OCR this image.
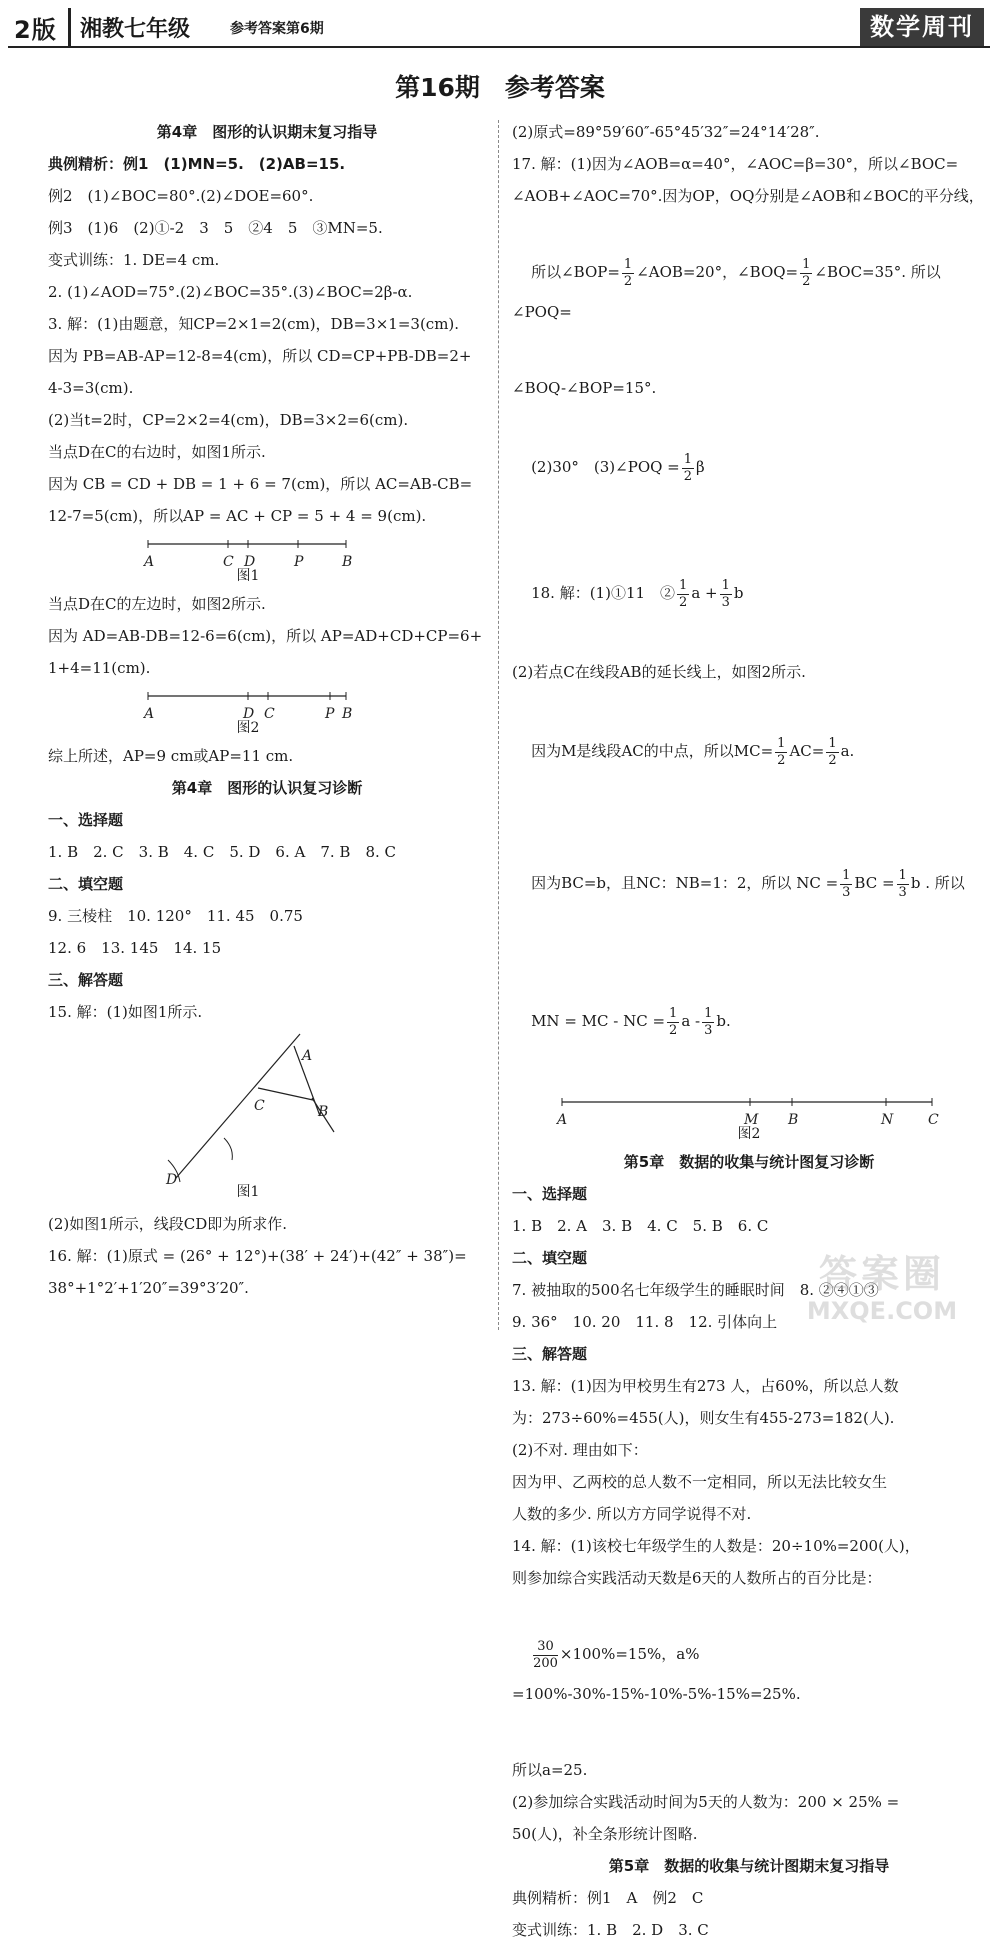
2版 湘教七年级	参考答案第6期	数学周刊
第16期　参考答案

第4章　图形的认识期末复习指导

典例精析：例1　(1)MN=5.　(2)AB=15.

例2　(1)∠BOC=80°.(2)∠DOE=60°.

例3　(1)6　(2)①-2　3　5　②4　5　③MN=5.

变式训练：1. DE=4 cm.

2. (1)∠AOD=75°.(2)∠BOC=35°.(3)∠BOC=2β-α.

3. 解：(1)由题意，知CP=2×1=2(cm)，DB=3×1=3(cm).

因为 PB=AB-AP=12-8=4(cm)，所以 CD=CP+PB-DB=2+

4-3=3(cm).

(2)当t=2时，CP=2×2=4(cm)，DB=3×2=6(cm).

当点D在C的右边时，如图1所示.

因为 CB = CD + DB = 1 + 6 = 7(cm)，所以 AC=AB-CB=

12-7=5(cm)，所以AP = AC + CP = 5 + 4 = 9(cm).

A	C D	P	B
图1

当点D在C的左边时，如图2所示.

因为 AD=AB-DB=12-6=6(cm)，所以 AP=AD+CD+CP=6+

1+4=11(cm).

A	D C	P B
图2

综上所述，AP=9 cm或AP=11 cm.

第4章　图形的认识复习诊断

一、选择题

1. B　2. C　3. B　4. C　5. D　6. A　7. B　8. C

二、填空题

9. 三棱柱　10. 120°　11. 45　0.75

12. 6　13. 145　14. 15

三、解答题

15. 解：(1)如图1所示.

A
B
C
D
图1

(2)如图1所示，线段CD即为所求作.

16. 解：(1)原式 = (26° + 12°)+(38′ + 24′)+(42″ + 38″)=

38°+1°2′+1′20″=39°3′20″.

(2)原式=89°59′60″-65°45′32″=24°14′28″.

17. 解：(1)因为∠AOB=α=40°，∠AOC=β=30°，所以∠BOC=

∠AOB+∠AOC=70°.因为OP，OQ分别是∠AOB和∠BOC的平分线，

所以∠BOP= $\frac{1}{2}$ ∠AOB=20°，∠BOQ= $\frac{1}{2}$ ∠BOC=35°. 所以∠POQ=

∠BOQ-∠BOP=15°.

(2)30°　(3)∠POQ = $\frac{1}{2}$ β

18. 解：(1)①11　② $\frac{1}{2}$ $a + \frac{1}{3}$ b

(2)若点C在线段AB的延长线上，如图2所示.

因为M是线段AC的中点，所以$MC= \frac{1}{2} AC= \frac{1}{2} a$.

因为BC=b，且NC：NB=1：2，所以 NC = $\frac{1}{3}$ BC = $\frac{1}{3}$ b . 所以

MN = MC - NC = $\frac{1}{2}$ a - $\frac{1}{3} b$.

A	M B	N C
图2

第5章　数据的收集与统计图复习诊断

一、选择题

1. B　2. A　3. B　4. C　5. B　6. C

二、填空题

7. 被抽取的500名七年级学生的睡眠时间　8. ②④①③

9. 36°　10. 20　11. 8　12. 引体向上

三、解答题

13. 解：(1)因为甲校男生有273 人，占60%，所以总人数

为：273÷60%=455(人)，则女生有455-273=182(人).

(2)不对. 理由如下：

因为甲、乙两校的总人数不一定相同，所以无法比较女生

人数的多少. 所以方方同学说得不对.

14. 解：(1)该校七年级学生的人数是：20÷10%=200(人)，

则参加综合实践活动天数是6天的人数所占的百分比是：

$\frac{30}{200} \times 100\%=15\%$，a% =100%-30%-15%-10%-5%-15%=25%.

所以a=25.

(2)参加综合实践活动时间为5天的人数为：200 × 25% =

50(人)，补全条形统计图略.

第5章　数据的收集与统计图期末复习指导

典例精析：例1　A　例2　C

变式训练：1. B　2. D　3. C

答案圈
MXQE.COM
